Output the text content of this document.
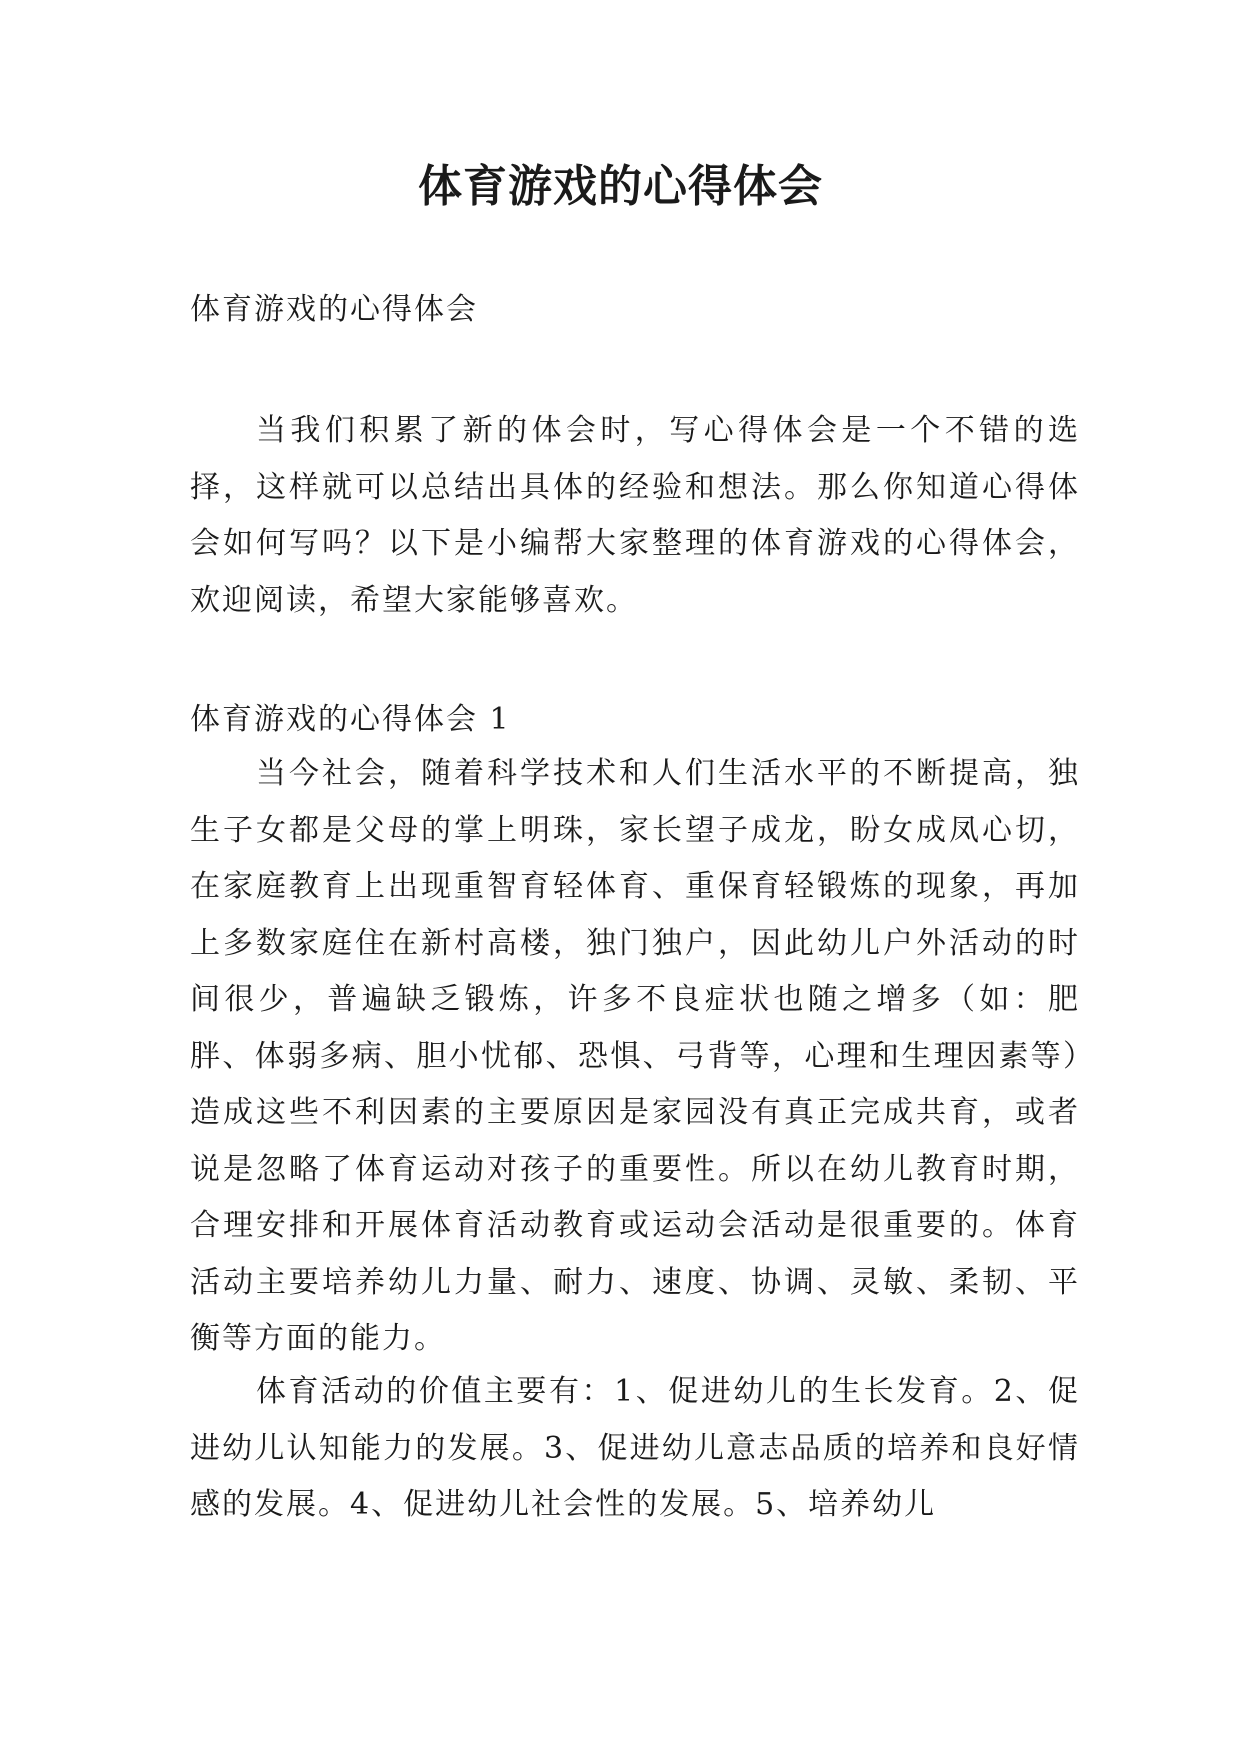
体育游戏的心得体会

体育游戏的心得体会

当我们积累了新的体会时，写心得体会是一个不错的选择，这样就可以总结出具体的经验和想法。那么你知道心得体会如何写吗？以下是小编帮大家整理的体育游戏的心得体会，欢迎阅读，希望大家能够喜欢。

体育游戏的心得体会 1

当今社会，随着科学技术和人们生活水平的不断提高，独生子女都是父母的掌上明珠，家长望子成龙，盼女成凤心切，在家庭教育上出现重智育轻体育、重保育轻锻炼的现象，再加上多数家庭住在新村高楼，独门独户，因此幼儿户外活动的时间很少，普遍缺乏锻炼，许多不良症状也随之增多（如：肥胖、体弱多病、胆小忧郁、恐惧、弓背等，心理和生理因素等）造成这些不利因素的主要原因是家园没有真正完成共育，或者说是忽略了体育运动对孩子的重要性。所以在幼儿教育时期，合理安排和开展体育活动教育或运动会活动是很重要的。体育活动主要培养幼儿力量、耐力、速度、协调、灵敏、柔韧、平衡等方面的能力。

体育活动的价值主要有：1、促进幼儿的生长发育。2、促进幼儿认知能力的发展。3、促进幼儿意志品质的培养和良好情感的发展。4、促进幼儿社会性的发展。5、培养幼儿
